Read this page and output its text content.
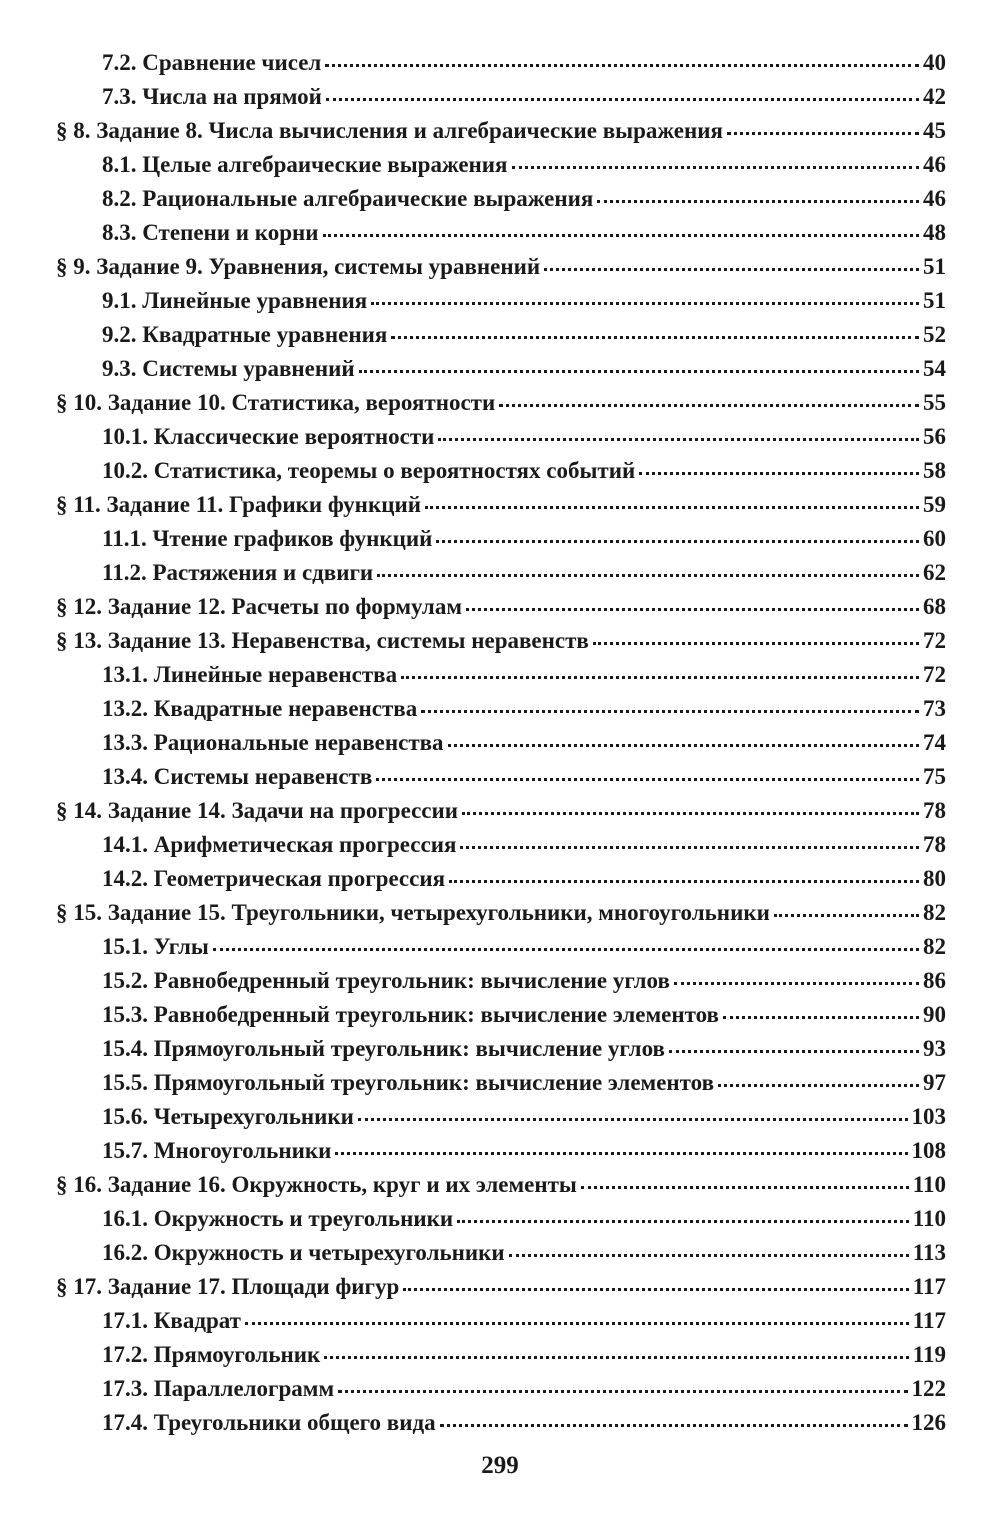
7.2. Сравнение чисел	40
7.3. Числа на прямой	42
§ 8. Задание 8. Числа вычисления и алгебраические выражения	45
8.1. Целые алгебраические выражения	46
8.2. Рациональные алгебраические выражения	46
8.3. Степени и корни	48
§ 9. Задание 9. Уравнения, системы уравнений	51
9.1. Линейные уравнения	51
9.2. Квадратные уравнения	52
9.3. Системы уравнений	54
§ 10. Задание 10. Статистика, вероятности	55
10.1. Классические вероятности	56
10.2. Статистика, теоремы о вероятностях событий	58
§ 11. Задание 11. Графики функций	59
11.1. Чтение графиков функций	60
11.2. Растяжения и сдвиги	62
§ 12. Задание 12. Расчеты по формулам	68
§ 13. Задание 13. Неравенства, системы неравенств	72
13.1. Линейные неравенства	72
13.2. Квадратные неравенства	73
13.3. Рациональные неравенства	74
13.4. Системы неравенств	75
§ 14. Задание 14. Задачи на прогрессии	78
14.1. Арифметическая прогрессия	78
14.2. Геометрическая прогрессия	80
§ 15. Задание 15. Треугольники, четырехугольники, многоугольники	82
15.1. Углы	82
15.2. Равнобедренный треугольник: вычисление углов	86
15.3. Равнобедренный треугольник: вычисление элементов	90
15.4. Прямоугольный треугольник: вычисление углов	93
15.5. Прямоугольный треугольник: вычисление элементов	97
15.6. Четырехугольники	103
15.7. Многоугольники	108
§ 16. Задание 16. Окружность, круг и их элементы	110
16.1. Окружность и треугольники	110
16.2. Окружность и четырехугольники	113
§ 17. Задание 17. Площади фигур	117
17.1. Квадрат	117
17.2. Прямоугольник	119
17.3. Параллелограмм	122
17.4. Треугольники общего вида	126
299
